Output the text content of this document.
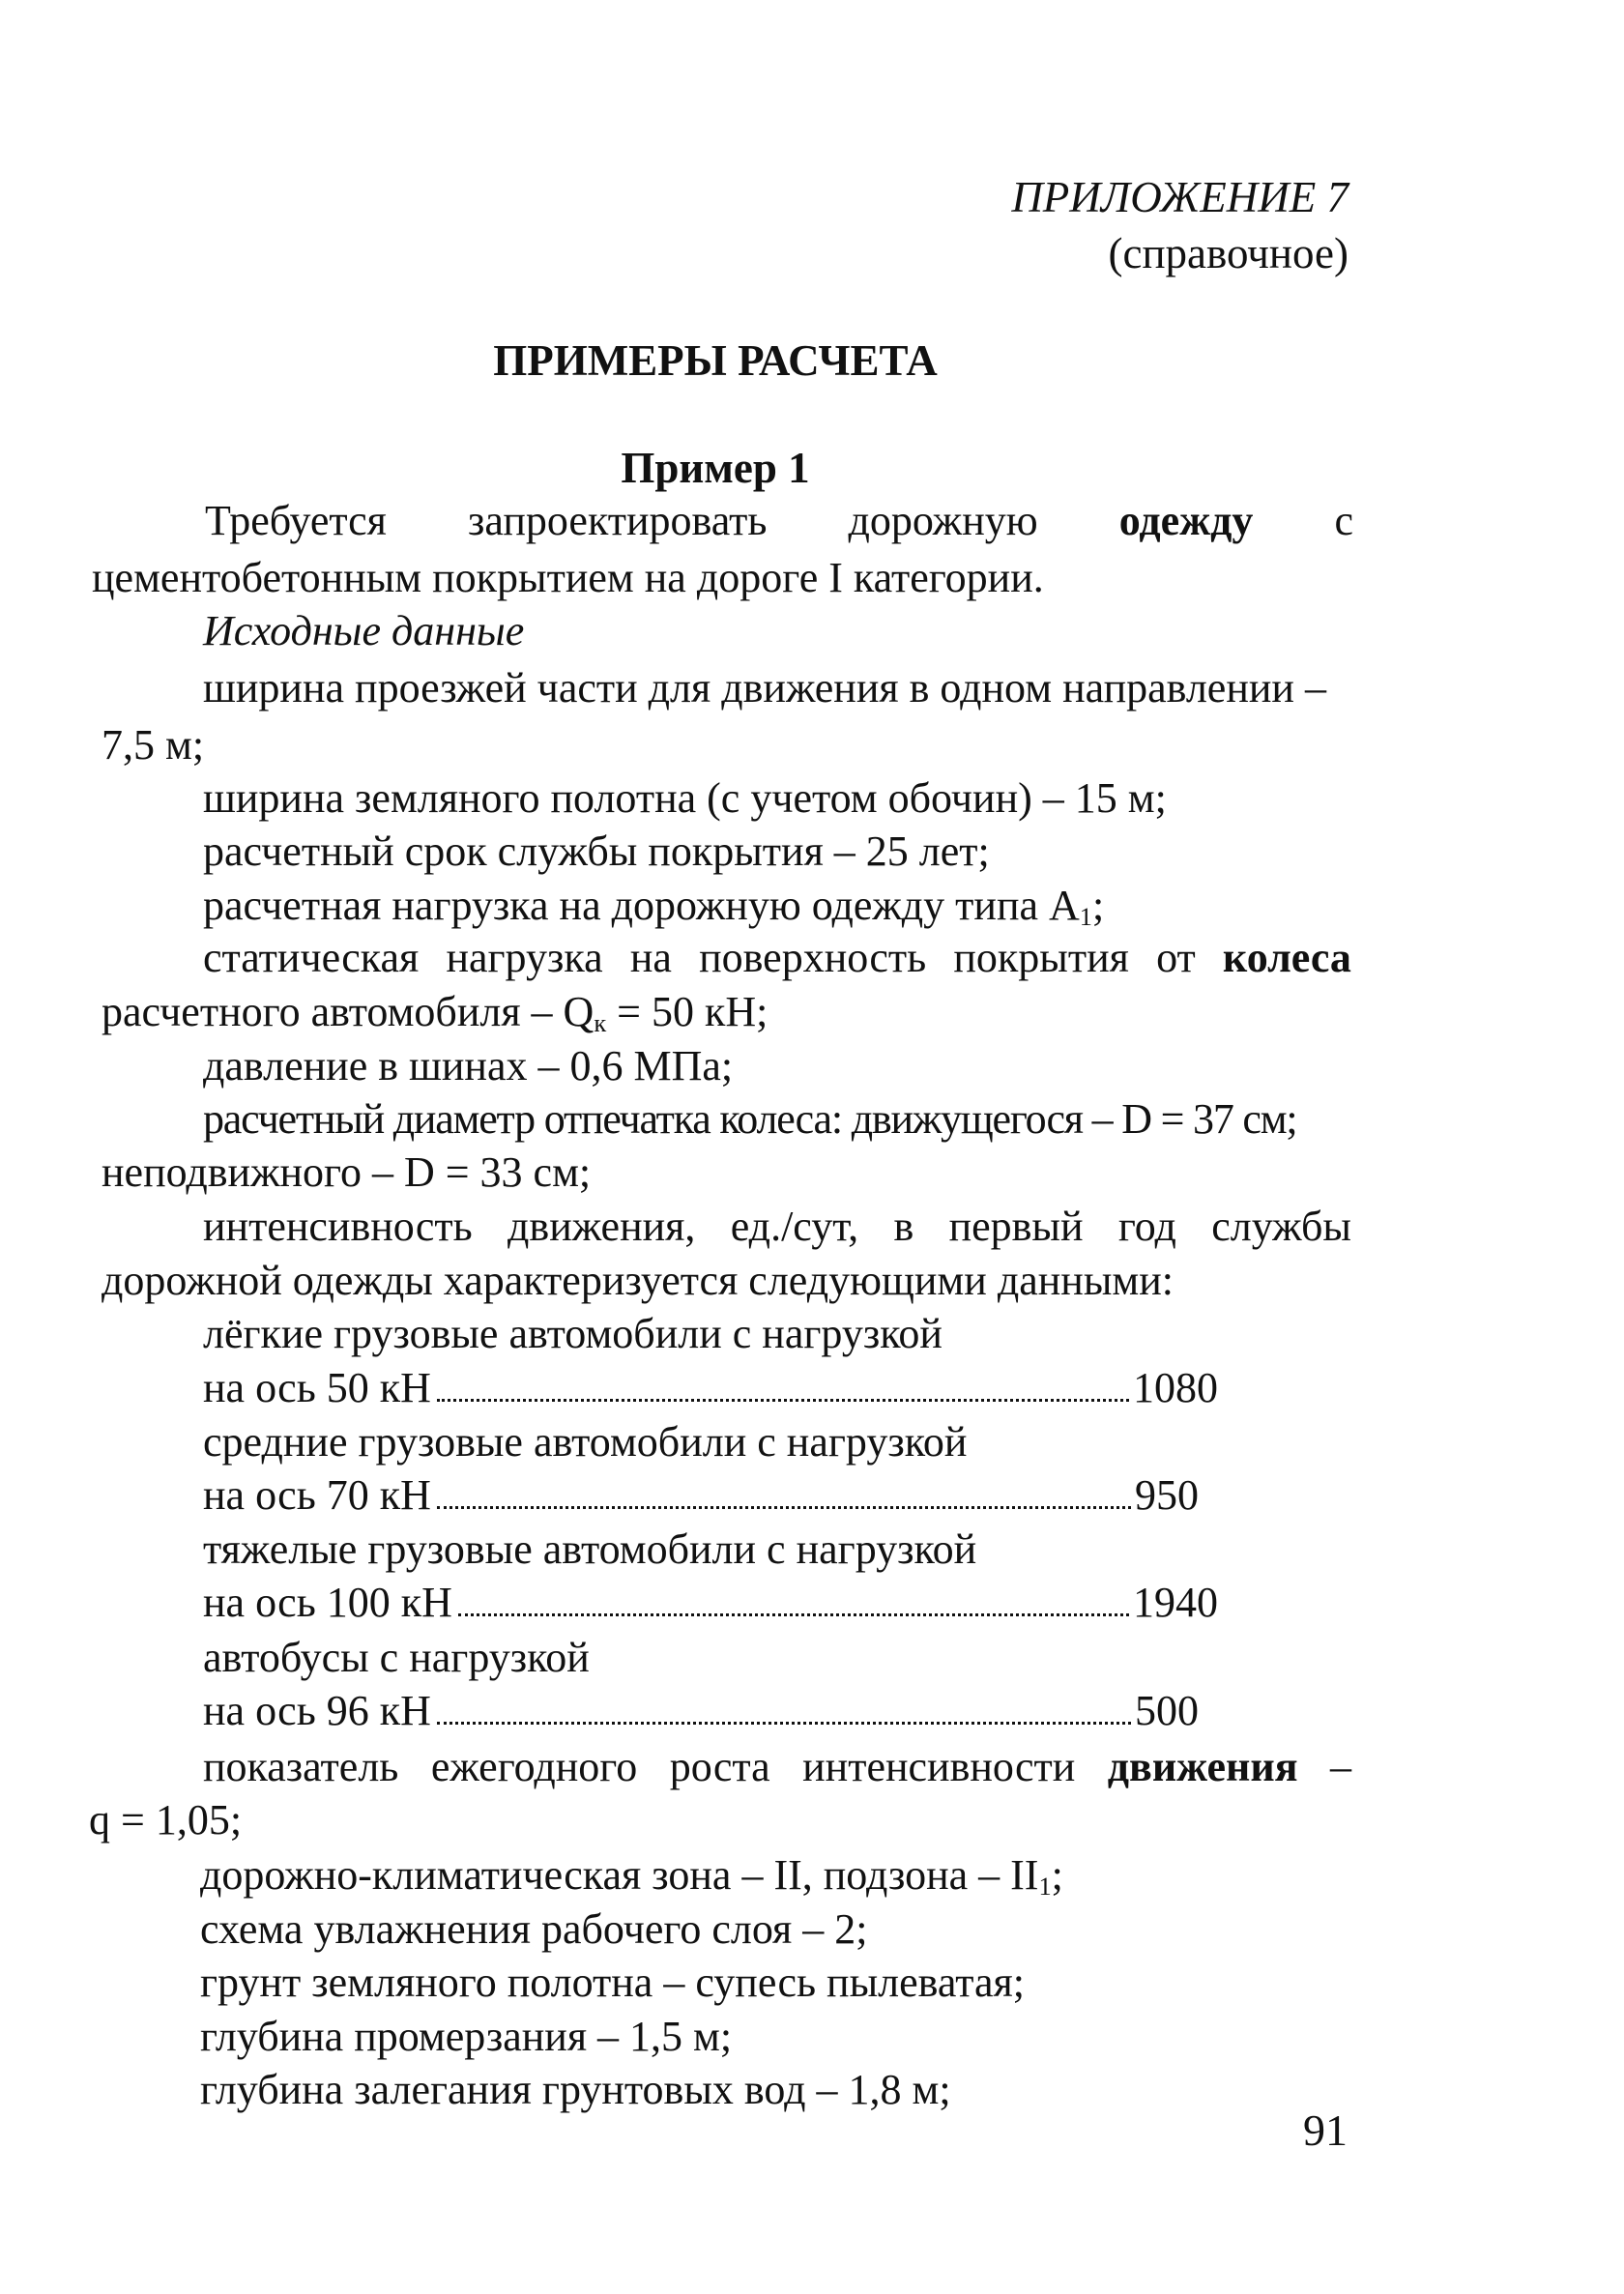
ПРИЛОЖЕНИЕ 7
(справочное)
ПРИМЕРЫ РАСЧЕТА
Пример 1
Требуется запроектировать дорожную одежду с
цементобетонным покрытием на дороге I категории.
Исходные данные
ширина проезжей части для движения в одном направлении –
7,5 м;
ширина земляного полотна (с учетом обочин) – 15 м;
расчетный срок службы покрытия – 25 лет;
расчетная нагрузка на дорожную одежду типа $А_1$;
статическая нагрузка на поверхность покрытия от колеса
расчетного автомобиля – $Q_к = 50$ кН;
давление в шинах – 0,6 МПа;
расчетный диаметр отпечатка колеса: движущегося – D = 37 см;
неподвижного – D = 33 см;
интенсивность движения, ед./сут, в первый год службы
дорожной одежды характеризуется следующими данными:
лёгкие грузовые автомобили с нагрузкой
на ось 50 кН	1080
средние грузовые автомобили с нагрузкой
на ось 70 кН	950
тяжелые грузовые автомобили с нагрузкой
на ось 100 кН	1940
автобусы с нагрузкой
на ось 96 кН	500
показатель ежегодного роста интенсивности движения –
q = 1,05;
дорожно-климатическая зона – II, подзона – $II_1$;
схема увлажнения рабочего слоя – 2;
грунт земляного полотна – супесь пылеватая;
глубина промерзания – 1,5 м;
глубина залегания грунтовых вод – 1,8 м;
91
